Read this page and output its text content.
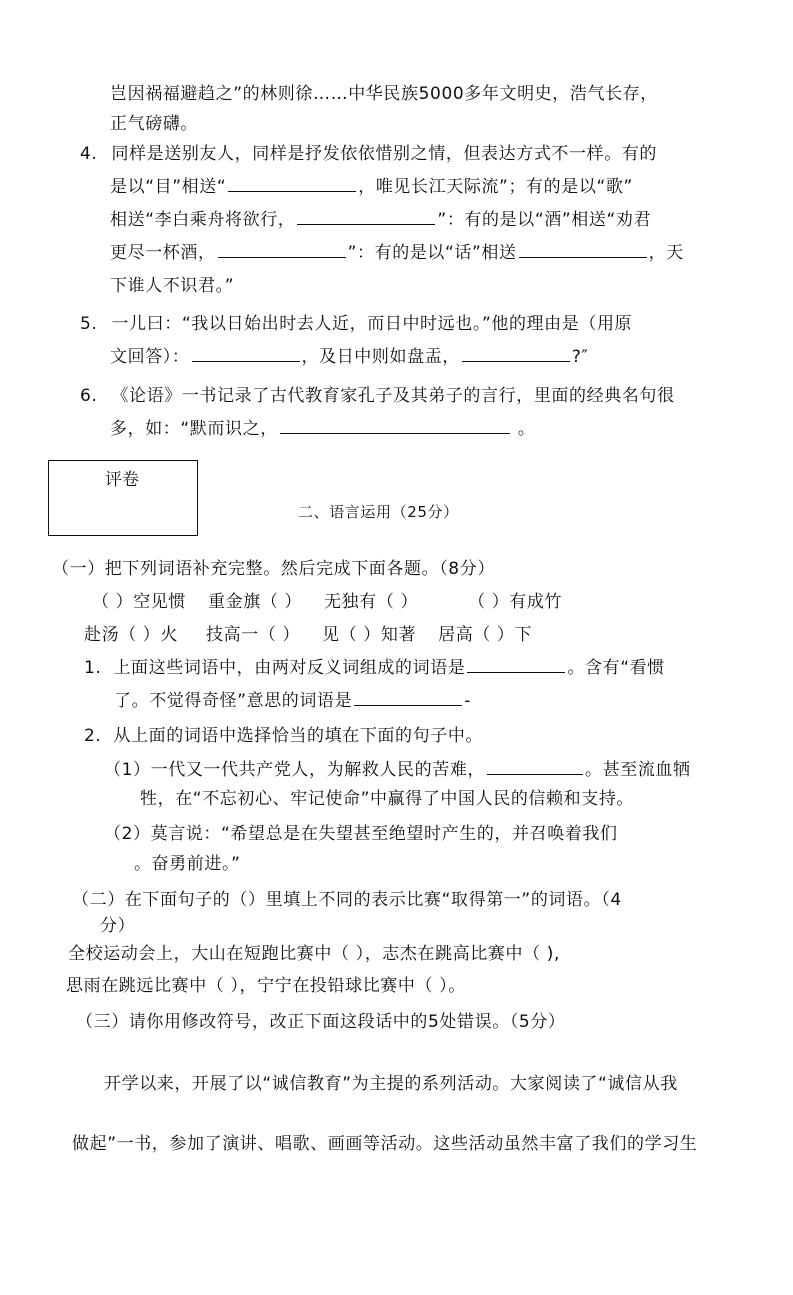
岂因祸福避趋之”的林则徐……中华民族5000多年文明史，浩气长存，
正气磅礴。
4. 同样是送别友人，同样是抒发依依惜别之情，但表达方式不一样。有的
是以“目”相送“	，唯见长江天际流”；有的是以“歌”
相送“李白乘舟将欲行，	”：有的是以“酒”相送“劝君
更尽一杯酒，	”：有的是以“话”相送	，天
下谁人不识君。”
5. 一儿曰：“我以日始出时去人近，而日中时远也。”他的理由是（用原
文回答）：	，及日中则如盘盂，	?″
6. 《论语》一书记录了古代教育家孔子及其弟子的言行，里面的经典名句很
多，如：“默而识之，	。
评卷
二、语言运用（25分）
（一）把下列词语补充完整。然后完成下面各题。（8分）
（ ）空见惯 重金旗（ ） 无独有（ ）	（ ）有成竹
赴汤（ ）火 技高一（ ） 见（ ）知著 居高（ ）下
1. 上面这些词语中，由两对反义词组成的词语是	。含有“看惯
了。不觉得奇怪”意思的词语是	-
2. 从上面的词语中选择恰当的填在下面的句子中。
（1）一代又一代共产党人，为解救人民的苦难，	。甚至流血牺
牲，在“不忘初心、牢记使命”中赢得了中国人民的信赖和支持。
（2）莫言说：“希望总是在失望甚至绝望时产生的，并召唤着我们
。奋勇前进。”
（二）在下面句子的（）里填上不同的表示比赛“取得第一”的词语。（4
分）
全校运动会上，大山在短跑比赛中（ ），志杰在跳高比赛中（ ),
思雨在跳远比赛中（ ），宁宁在投铅球比赛中（ ）。
（三）请你用修改符号，改正下面这段话中的5处错误。（5分）
开学以来，开展了以“诚信教育”为主提的系列活动。大家阅读了“诚信从我
做起”一书，参加了演讲、唱歌、画画等活动。这些活动虽然丰富了我们的学习生
